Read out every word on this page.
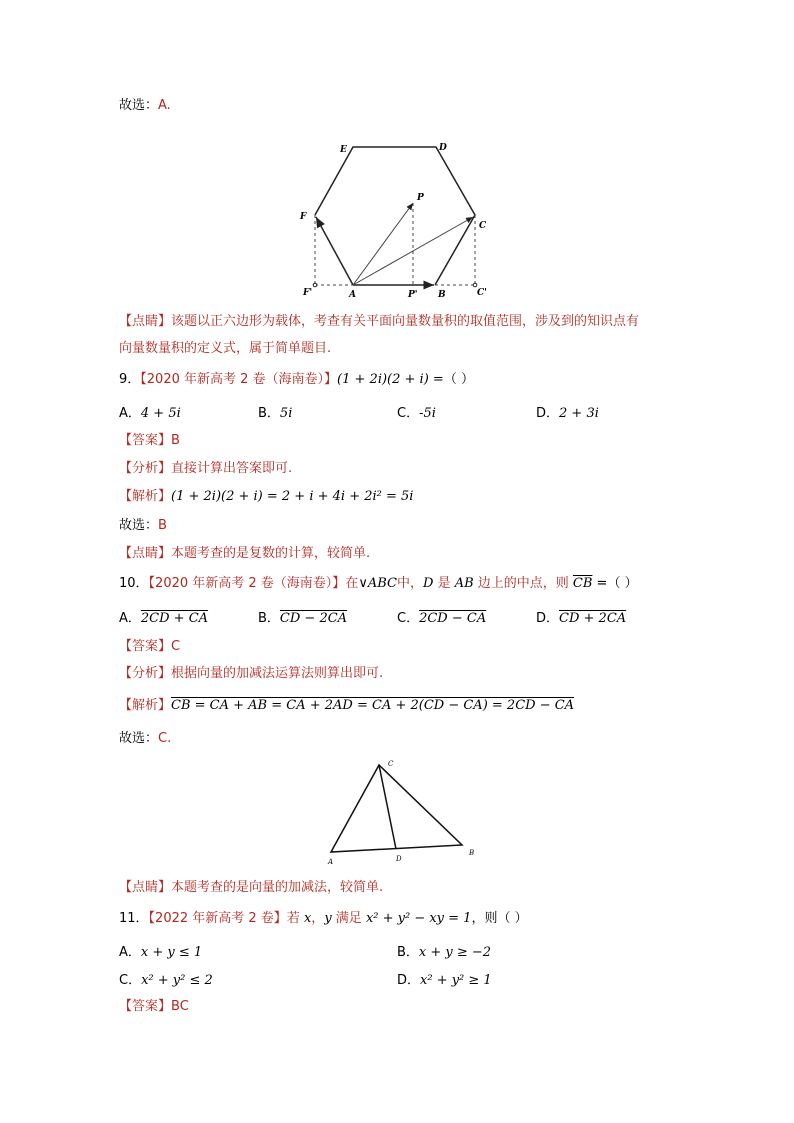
故选：A.
E	D
F
P
C
F'	A	P' B	C'
【点睛】该题以正六边形为载体，考查有关平面向量数量积的取值范围，涉及到的知识点有
向量数量积的定义式，属于简单题目.
9．【2020 年新高考 2 卷（海南卷）】(1 + 2i)(2 + i) =（ ）
A．4 + 5i	B．5i	C．-5i	D．2 + 3i
【答案】B
【分析】直接计算出答案即可.
【解析】(1 + 2i)(2 + i) = 2 + i + 4i + 2i² = 5i
故选：B
【点睛】本题考查的是复数的计算，较简单.
10．【2020 年新高考 2 卷（海南卷）】在∨ABC中，D 是 AB 边上的中点，则 $\overline{CB}$ =（ ）
A．2CD + CA	B．CD − 2CA	C．2CD − CA	D．CD + 2CA
【答案】C
【分析】根据向量的加减法运算法则算出即可.
【解析】CB = CA + AB = CA + 2AD = CA + 2(CD − CA) = 2CD − CA
故选：C.
C
A	D
B
【点睛】本题考查的是向量的加减法，较简单.
11．【2022 年新高考 2 卷】若 x，y 满足 x² + y² − xy = 1，则（ ）
A．x + y ≤ 1	B．x + y ≥ −2
C．x² + y² ≤ 2	D．x² + y² ≥ 1
【答案】BC
